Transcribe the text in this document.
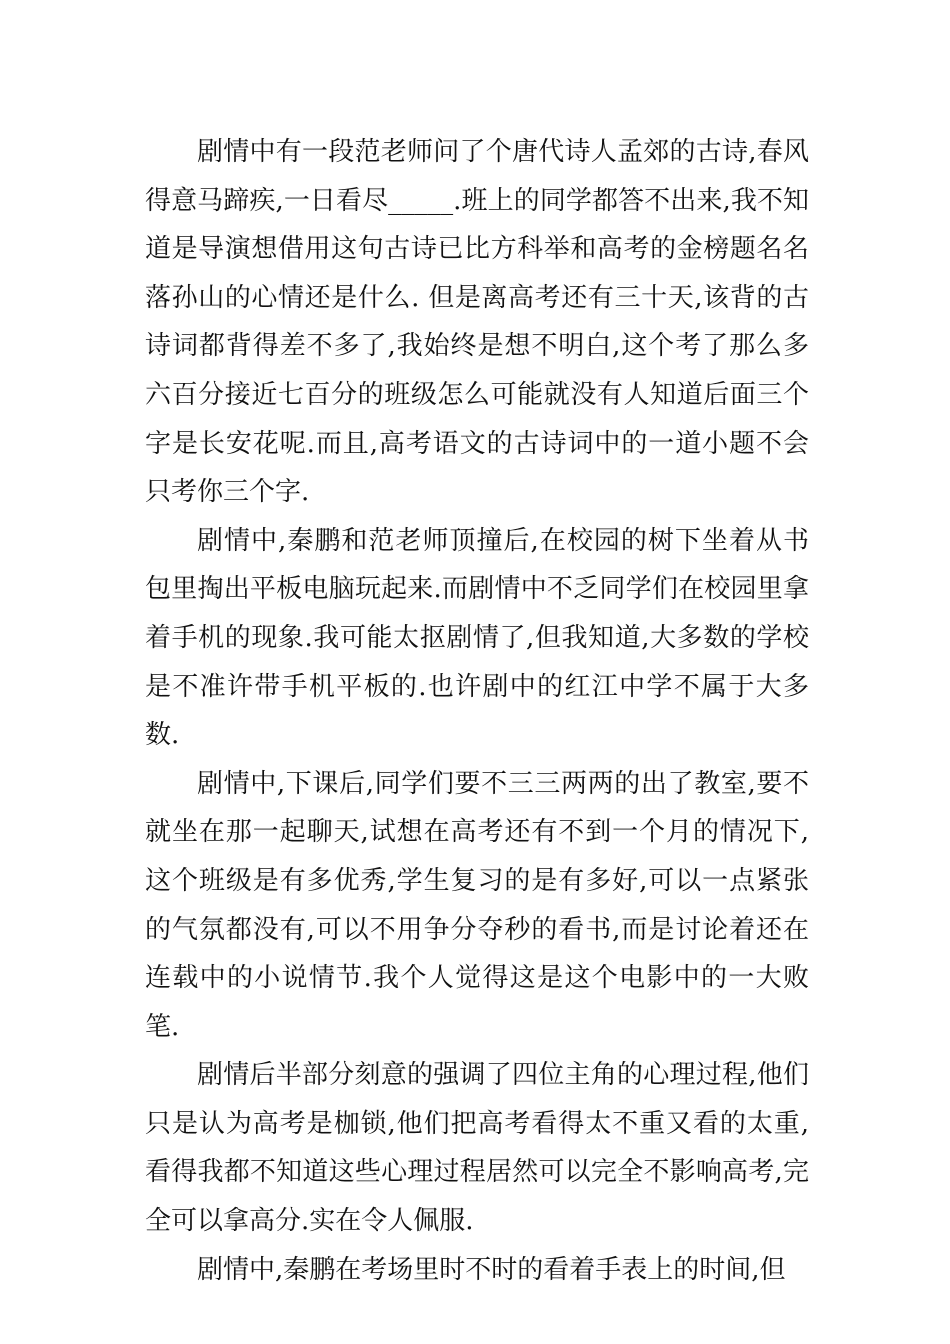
剧情中有一段范老师问了个唐代诗人孟郊的古诗,春风得意马蹄疾,一日看尽_____.班上的同学都答不出来,我不知道是导演想借用这句古诗已比方科举和高考的金榜题名名落孙山的心情还是什么. 但是离高考还有三十天,该背的古诗词都背得差不多了,我始终是想不明白,这个考了那么多六百分接近七百分的班级怎么可能就没有人知道后面三个字是长安花呢.而且,高考语文的古诗词中的一道小题不会只考你三个字.

剧情中,秦鹏和范老师顶撞后,在校园的树下坐着从书包里掏出平板电脑玩起来.而剧情中不乏同学们在校园里拿着手机的现象.我可能太抠剧情了,但我知道,大多数的学校是不准许带手机平板的.也许剧中的红江中学不属于大多数.

剧情中,下课后,同学们要不三三两两的出了教室,要不就坐在那一起聊天,试想在高考还有不到一个月的情况下,这个班级是有多优秀,学生复习的是有多好,可以一点紧张的气氛都没有,可以不用争分夺秒的看书,而是讨论着还在连载中的小说情节.我个人觉得这是这个电影中的一大败笔.

剧情后半部分刻意的强调了四位主角的心理过程,他们只是认为高考是枷锁,他们把高考看得太不重又看的太重,看得我都不知道这些心理过程居然可以完全不影响高考,完全可以拿高分.实在令人佩服.

剧情中,秦鹏在考场里时不时的看着手表上的时间,但
